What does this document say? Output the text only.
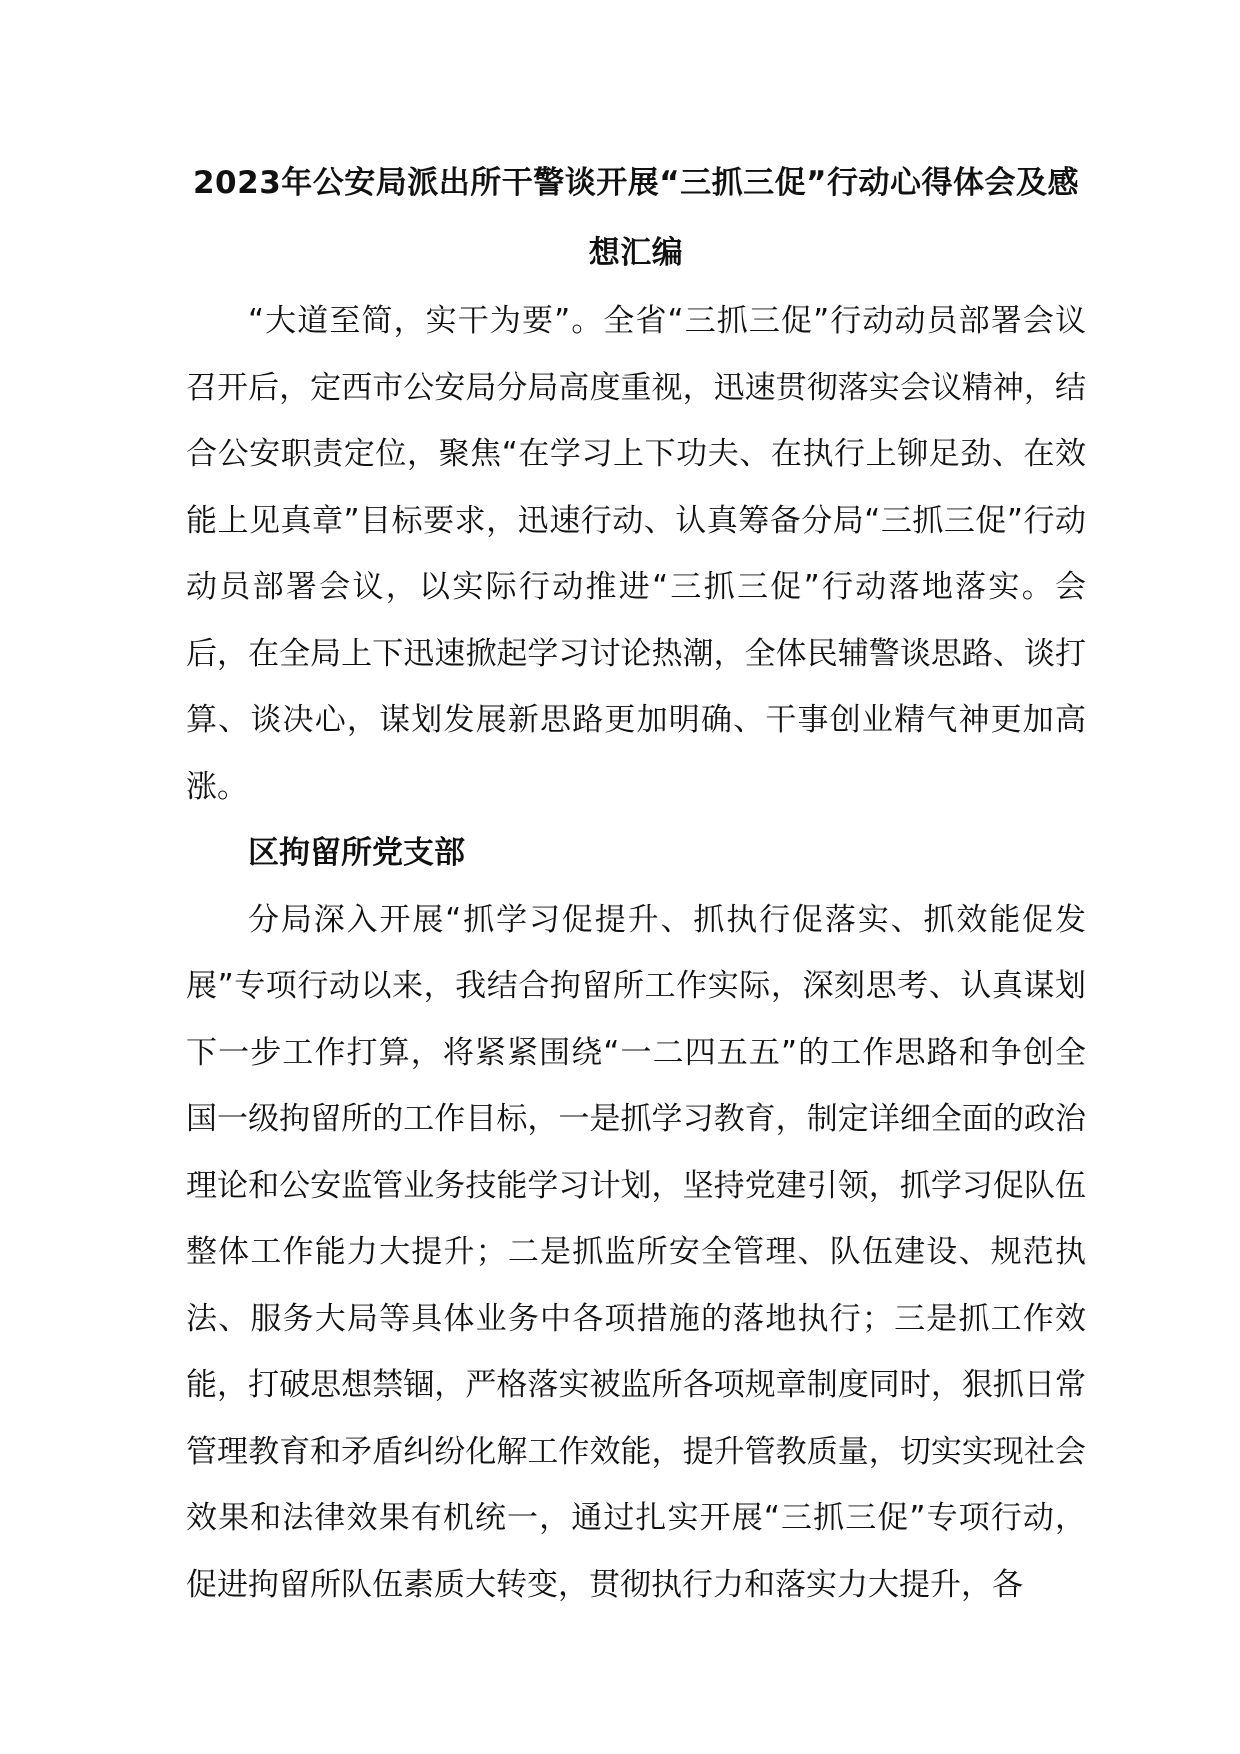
2023年公安局派出所干警谈开展“三抓三促”行动心得体会及感想汇编

“大道至简，实干为要”。全省“三抓三促”行动动员部署会议召开后，定西市公安局分局高度重视，迅速贯彻落实会议精神，结合公安职责定位，聚焦“在学习上下功夫、在执行上铆足劲、在效能上见真章”目标要求，迅速行动、认真筹备分局“三抓三促”行动动员部署会议，以实际行动推进“三抓三促”行动落地落实。会后，在全局上下迅速掀起学习讨论热潮，全体民辅警谈思路、谈打算、谈决心，谋划发展新思路更加明确、干事创业精气神更加高涨。

区拘留所党支部

分局深入开展“抓学习促提升、抓执行促落实、抓效能促发展”专项行动以来，我结合拘留所工作实际，深刻思考、认真谋划下一步工作打算，将紧紧围绕“一二四五五”的工作思路和争创全国一级拘留所的工作目标，一是抓学习教育，制定详细全面的政治理论和公安监管业务技能学习计划，坚持党建引领，抓学习促队伍整体工作能力大提升；二是抓监所安全管理、队伍建设、规范执法、服务大局等具体业务中各项措施的落地执行；三是抓工作效能，打破思想禁锢，严格落实被监所各项规章制度同时，狠抓日常管理教育和矛盾纠纷化解工作效能，提升管教质量，切实实现社会效果和法律效果有机统一，通过扎实开展“三抓三促”专项行动，促进拘留所队伍素质大转变，贯彻执行力和落实力大提升，各
